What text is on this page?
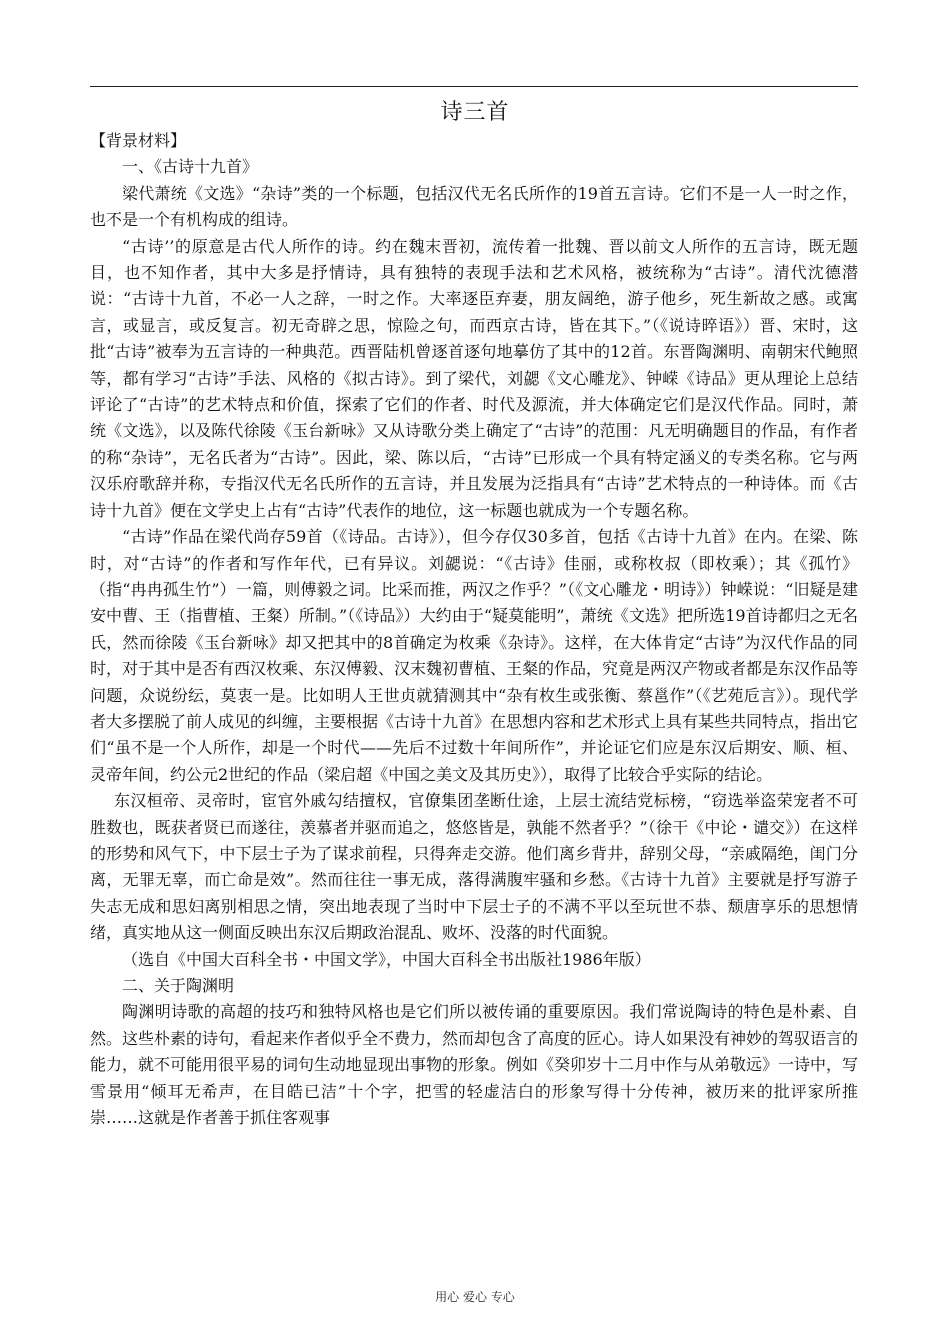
诗三首

【背景材料】

一、《古诗十九首》

梁代萧统《文选》“杂诗”类的一个标题，包括汉代无名氏所作的19首五言诗。它们不是一人一时之作，也不是一个有机构成的组诗。

“古诗’’的原意是古代人所作的诗。约在魏末晋初，流传着一批魏、晋以前文人所作的五言诗，既无题目，也不知作者，其中大多是抒情诗，具有独特的表现手法和艺术风格，被统称为“古诗”。清代沈德潜说：“古诗十九首，不必一人之辞，一时之作。大率逐臣弃妻，朋友阔绝，游子他乡，死生新故之感。或寓言，或显言，或反复言。初无奇辟之思，惊险之句，而西京古诗，皆在其下。”（《说诗晬语》）晋、宋时，这批“古诗”被奉为五言诗的一种典范。西晋陆机曾逐首逐句地摹仿了其中的12首。东晋陶渊明、南朝宋代鲍照等，都有学习“古诗”手法、风格的《拟古诗》。到了梁代，刘勰《文心雕龙》、钟嵘《诗品》更从理论上总结评论了“古诗”的艺术特点和价值，探索了它们的作者、时代及源流，并大体确定它们是汉代作品。同时，萧统《文选》，以及陈代徐陵《玉台新咏》又从诗歌分类上确定了“古诗”的范围：凡无明确题目的作品，有作者的称“杂诗”，无名氏者为“古诗”。因此，梁、陈以后，“古诗”已形成一个具有特定涵义的专类名称。它与两汉乐府歌辞并称，专指汉代无名氏所作的五言诗，并且发展为泛指具有“古诗”艺术特点的一种诗体。而《古诗十九首》便在文学史上占有“古诗”代表作的地位，这一标题也就成为一个专题名称。

“古诗”作品在梁代尚存59首（《诗品。古诗》），但今存仅30多首，包括《古诗十九首》在内。在梁、陈时，对“古诗”的作者和写作年代，已有异议。刘勰说：“《古诗》佳丽，或称枚叔（即枚乘）；其《孤竹》（指“冉冉孤生竹”）一篇，则傅毅之词。比采而推，两汉之作乎？”（《文心雕龙・明诗》）钟嵘说：“旧疑是建安中曹、王（指曹植、王粲）所制。”（《诗品》）大约由于“疑莫能明”，萧统《文选》把所选19首诗都归之无名氏，然而徐陵《玉台新咏》却又把其中的8首确定为枚乘《杂诗》。这样，在大体肯定“古诗”为汉代作品的同时，对于其中是否有西汉枚乘、东汉傅毅、汉末魏初曹植、王粲的作品，究竟是两汉产物或者都是东汉作品等问题，众说纷纭，莫衷一是。比如明人王世贞就猜测其中“杂有枚生或张衡、蔡邕作”（《艺苑卮言》）。现代学者大多摆脱了前人成见的纠缠，主要根据《古诗十九首》在思想内容和艺术形式上具有某些共同特点，指出它们“虽不是一个人所作，却是一个时代——先后不过数十年间所作”，并论证它们应是东汉后期安、顺、桓、灵帝年间，约公元2世纪的作品（梁启超《中国之美文及其历史》），取得了比较合乎实际的结论。

东汉桓帝、灵帝时，宦官外戚勾结擅权，官僚集团垄断仕途，上层士流结党标榜，“窃选举盗荣宠者不可胜数也，既获者贤已而遂往，羡慕者并驱而追之，悠悠皆是，孰能不然者乎？”（徐干《中论・谴交》）在这样的形势和风气下，中下层士子为了谋求前程，只得奔走交游。他们离乡背井，辞别父母，“亲戚隔绝，闺门分离，无罪无辜，而亡命是效”。然而往往一事无成，落得满腹牢骚和乡愁。《古诗十九首》主要就是抒写游子失志无成和思妇离别相思之情，突出地表现了当时中下层士子的不满不平以至玩世不恭、颓唐享乐的思想情绪，真实地从这一侧面反映出东汉后期政治混乱、败坏、没落的时代面貌。

（选自《中国大百科全书・中国文学》，中国大百科全书出版社1986年版）

二、关于陶渊明

陶渊明诗歌的高超的技巧和独特风格也是它们所以被传诵的重要原因。我们常说陶诗的特色是朴素、自然。这些朴素的诗句，看起来作者似乎全不费力，然而却包含了高度的匠心。诗人如果没有神妙的驾驭语言的能力，就不可能用很平易的词句生动地显现出事物的形象。例如《癸卯岁十二月中作与从弟敬远》一诗中，写雪景用“倾耳无希声，在目皓已洁”十个字，把雪的轻虚洁白的形象写得十分传神，被历来的批评家所推崇……这就是作者善于抓住客观事

用心 爱心 专心
